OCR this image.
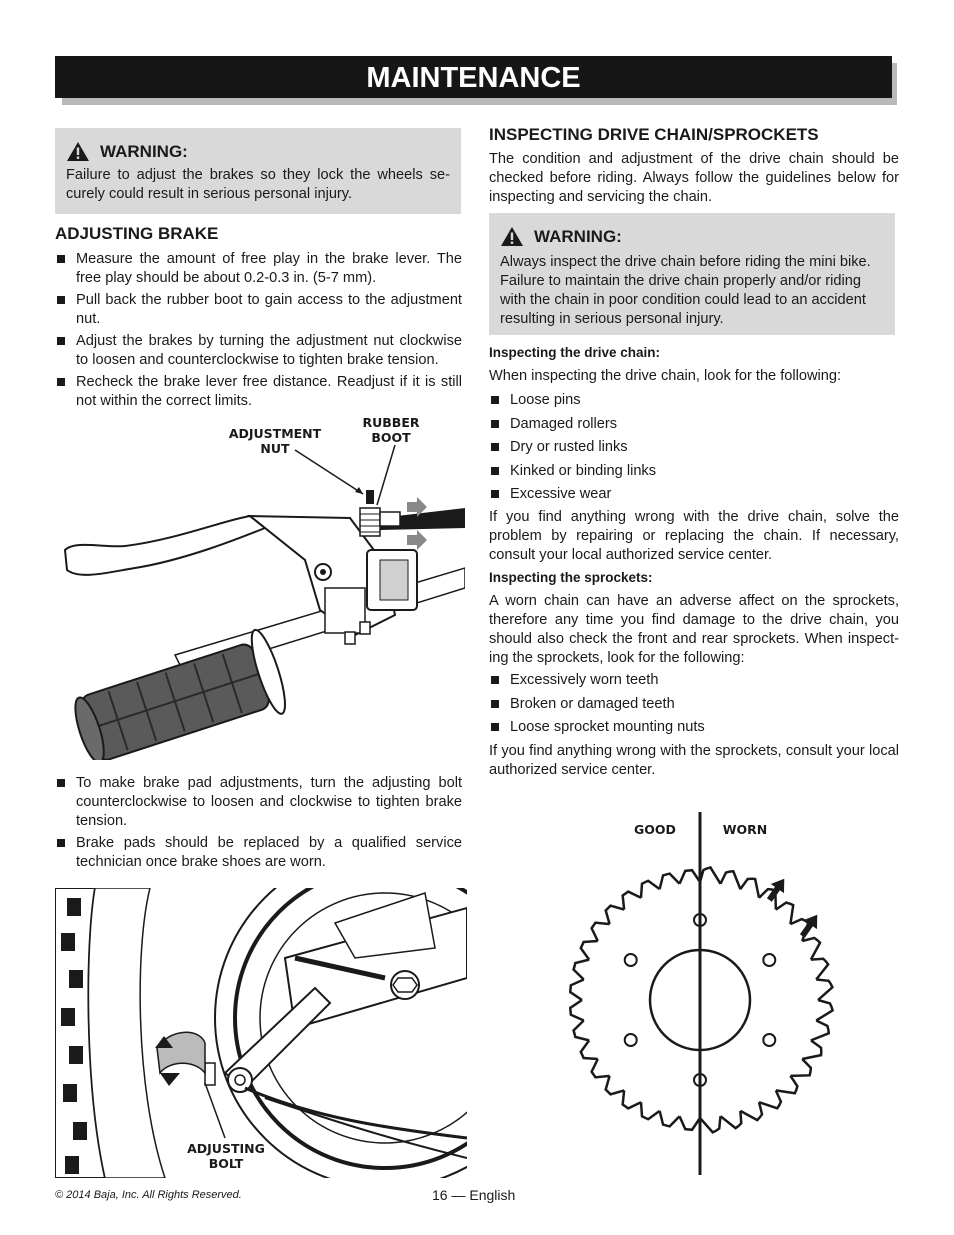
MAINTENANCE
WARNING:
Failure to adjust the brakes so they lock the wheels se-curely could result in serious personal injury.
ADJUSTING BRAKE
Measure the amount of free play in the brake lever. The free play should be about 0.2-0.3 in. (5-7 mm).
Pull back the rubber boot to gain access to the adjustment nut.
Adjust the brakes by turning the adjustment nut clockwise to loosen and counterclockwise to tighten brake tension.
Recheck the brake lever free distance. Readjust if it is still not within the correct limits.
ADJUSTMENT NUT
RUBBER BOOT
To make brake pad adjustments, turn the adjusting bolt counterclockwise to loosen and clockwise to tighten brake tension.
Brake pads should be replaced by a qualified service technician once brake shoes are worn.
ADJUSTING BOLT
INSPECTING DRIVE CHAIN/SPROCKETS
The condition and adjustment of the drive chain should be checked before riding. Always follow the guidelines below for inspecting and servicing the chain.
WARNING:
Always inspect the drive chain before riding the mini bike. Failure to maintain the drive chain properly and/or riding with the chain in poor condition could lead to an accident resulting in serious personal injury.
Inspecting the drive chain:
When inspecting the drive chain, look for the following:
Loose pins
Damaged rollers
Dry or rusted links
Kinked or binding links
Excessive wear
If you find anything wrong with the drive chain, solve the problem by repairing or replacing the chain. If necessary, consult your local authorized service center.
Inspecting the sprockets:
A worn chain can have an adverse affect on the sprockets, therefore any time you find damage to the drive chain, you should also check the front and rear sprockets. When inspect-ing the sprockets, look for the following:
Excessively worn teeth
Broken or damaged teeth
Loose sprocket mounting nuts
If you find anything wrong with the sprockets, consult your local authorized service center.
GOOD	WORN
© 2014 Baja, Inc. All Rights Reserved.	16 — English
